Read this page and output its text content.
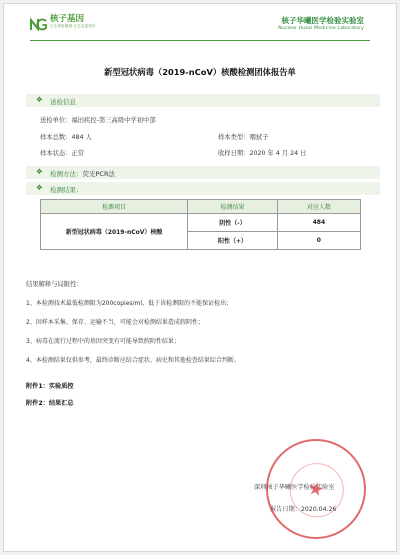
核子基因
让生命更健康·让生活更美好
核子华曦医学检验实验室
Nuclear Huaxi Medicine Laboratory
新型冠状病毒（2019-nCoV）核酸检测团体报告单
❖ 送检信息
送检单位：福田疾控-第三高级中学初中部
样本总数：484 人	样本类型：咽拭子
样本状态：正常	收样日期：2020 年 4 月 24 日
❖ 检测方法：荧光PCR法
❖ 检测结果：
检测项目	检测结果	对应人数
新型冠状病毒（2019-nCoV）核酸	阴性（-）	484
	阳性（+）	0
结果解释与局限性：
1、本检测技术最低检测限为200copies/ml，低于该检测限的不能保证检出；
2、因样本采集、保存、运输不当，可能会对检测结果造成假阴性；
3、病毒在流行过程中的基因突变有可能导致假阴性结果；
4、本检测结果仅供参考，最终诊断应结合症状、病史和其他检查结果综合判断。
附件1：实验质控
附件2：结果汇总
深圳核子华曦医学检验实验室
报告日期：2020.04.26
★
